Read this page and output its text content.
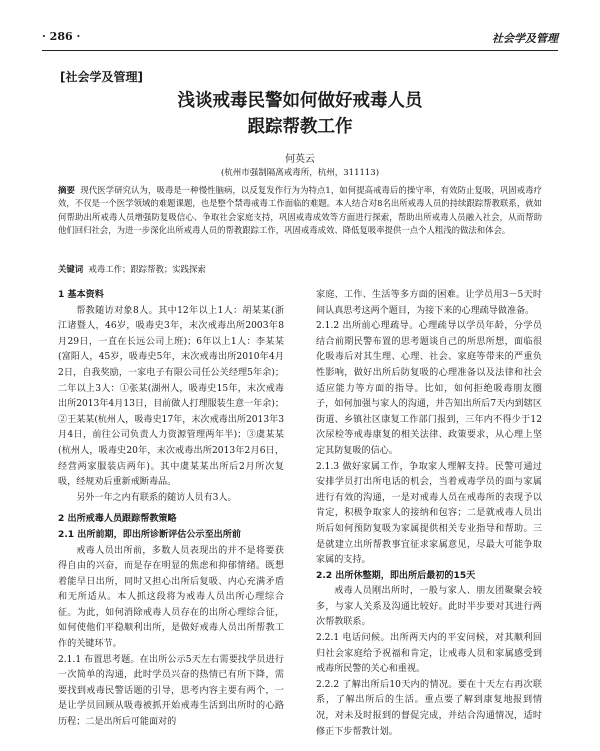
· 286 ·	社会学及管理
[社会学及管理]
浅谈戒毒民警如何做好戒毒人员
跟踪帮教工作
何英云
(杭州市强制隔离戒毒所，杭州，311113)
摘要 现代医学研究认为，吸毒是一种慢性脑病，以反复发作行为为特点1，如何提高戒毒后的操守率，有效防止复吸，巩固戒毒疗效，不仅是一个医学领域的难题课题，也是整个禁毒戒毒工作面临的难题。本人结合对8名出所戒毒人员的持续跟踪帮教联系，就如何帮助出所戒毒人员增强防复吸信心、争取社会家庭支持，巩固戒毒成效等方面进行探索，帮助出所戒毒人员融入社会，从而帮助他们回归社会，为进一步深化出所戒毒人员的帮教跟踪工作，巩固戒毒成效、降低复吸率提供一点个人粗浅的做法和体会。
关键词 戒毒工作；跟踪帮教；实践探索
1 基本资料

帮教随访对象8人。其中12年以上1人：胡某某(浙江诸暨人，46岁，吸毒史3年，末次戒毒出所2003年8月29日，一直在长远公司上班)；6年以上1人：李某某(富阳人，45岁，吸毒史5年，末次戒毒出所2010年4月2日，自我奖励，一家电子有限公司任公关经理5年余)；二年以上3人：①张某(湖州人，吸毒史15年，末次戒毒出所2013年4月13日，目前做人打理服装生意一年余)；②王某某(杭州人，吸毒史17年，末次戒毒出所2013年3月4日，前往公司负责人力资源管理两年半)；③虞某某(杭州人，吸毒史20年，末次戒毒出所2013年2月6日，经营两家服装店两年)。其中虞某某出所后2月所次复吸，经规劝后重新戒断毒品。

另外一年之内有联系的随访人员有3人。

2 出所戒毒人员跟踪帮教策略
2.1 出所前期，即出所诊断评估公示至出所前

戒毒人员出所前，多数人员表现出的并不是将要获得自由的兴奋，而是存在明显的焦虑和抑郁情绪。既想着能早日出所，同时又担心出所后复吸、内心充满矛盾和无所适从。本人抓这段将为戒毒人员出所心理综合征。为此，如何消除戒毒人员存在的出所心理综合征，如何使他们平稳顺利出所，是做好戒毒人员出所帮教工作的关键环节。

2.1.1 布置思考题。在出所公示5天左右需要找学员进行一次简单的沟通，此时学员兴奋的热情已有所下降，需要找到戒毒民警话题的引导，思考内容主要有两个，一是让学员回顾从吸毒被抓开始戒毒生活到出所时的心路历程；二是出所后可能面对的

家庭、工作、生活等多方面的困难。让学员用3－5天时间认真思考这两个题目，为接下来的心理疏导做准备。

2.1.2 出所前心理疏导。心理疏导以学员年龄，分学员结合前期民警布置的思考题谈自己的所思所想，面临很化吸毒后对其生理、心理、社会、家庭等带来的严重负性影响，做好出所后防复吸的心理准备以及法律和社会适应能力等方面的指导。比如，如何拒绝吸毒朋友圈子，如何加强与家人的沟通，并告知出所后7天内到辖区街道、乡镇社区康复工作部门报到，三年内不得少于12次尿检等戒毒康复的相关法律、政策要求，从心理上坚定其防复吸的信心。

2.1.3 做好家属工作，争取家人理解支持。民警可通过安排学员打出所电话的机会，当着戒毒学员的面与家属进行有效的沟通，一是对戒毒人员在戒毒所的表现予以肯定，积极争取家人的接纳和包容；二是就戒毒人员出所后如何预防复吸为家属提供相关专业指导和帮助。三是就建立出所帮教事宜征求家属意见，尽最大可能争取家属的支持。

2.2 出所休整期，即出所后最初的15天

戒毒人员刚出所时，一般与家人、朋友团聚聚会较多，与家人关系及沟通比较好。此时半步要对其进行两次帮教联系。

2.2.1 电话问候。出所两天内的平安问候，对其顺利回归社会家庭给予祝福和肯定，让戒毒人员和家属感受到戒毒所民警的关心和重视。

2.2.2 了解出所后10天内的情况。要在十天左右再次联系，了解出所后的生活。重点要了解到康复地报到情况，对未及时报到的督促完成，并结合沟通情况，适时修正下步帮教计划。
